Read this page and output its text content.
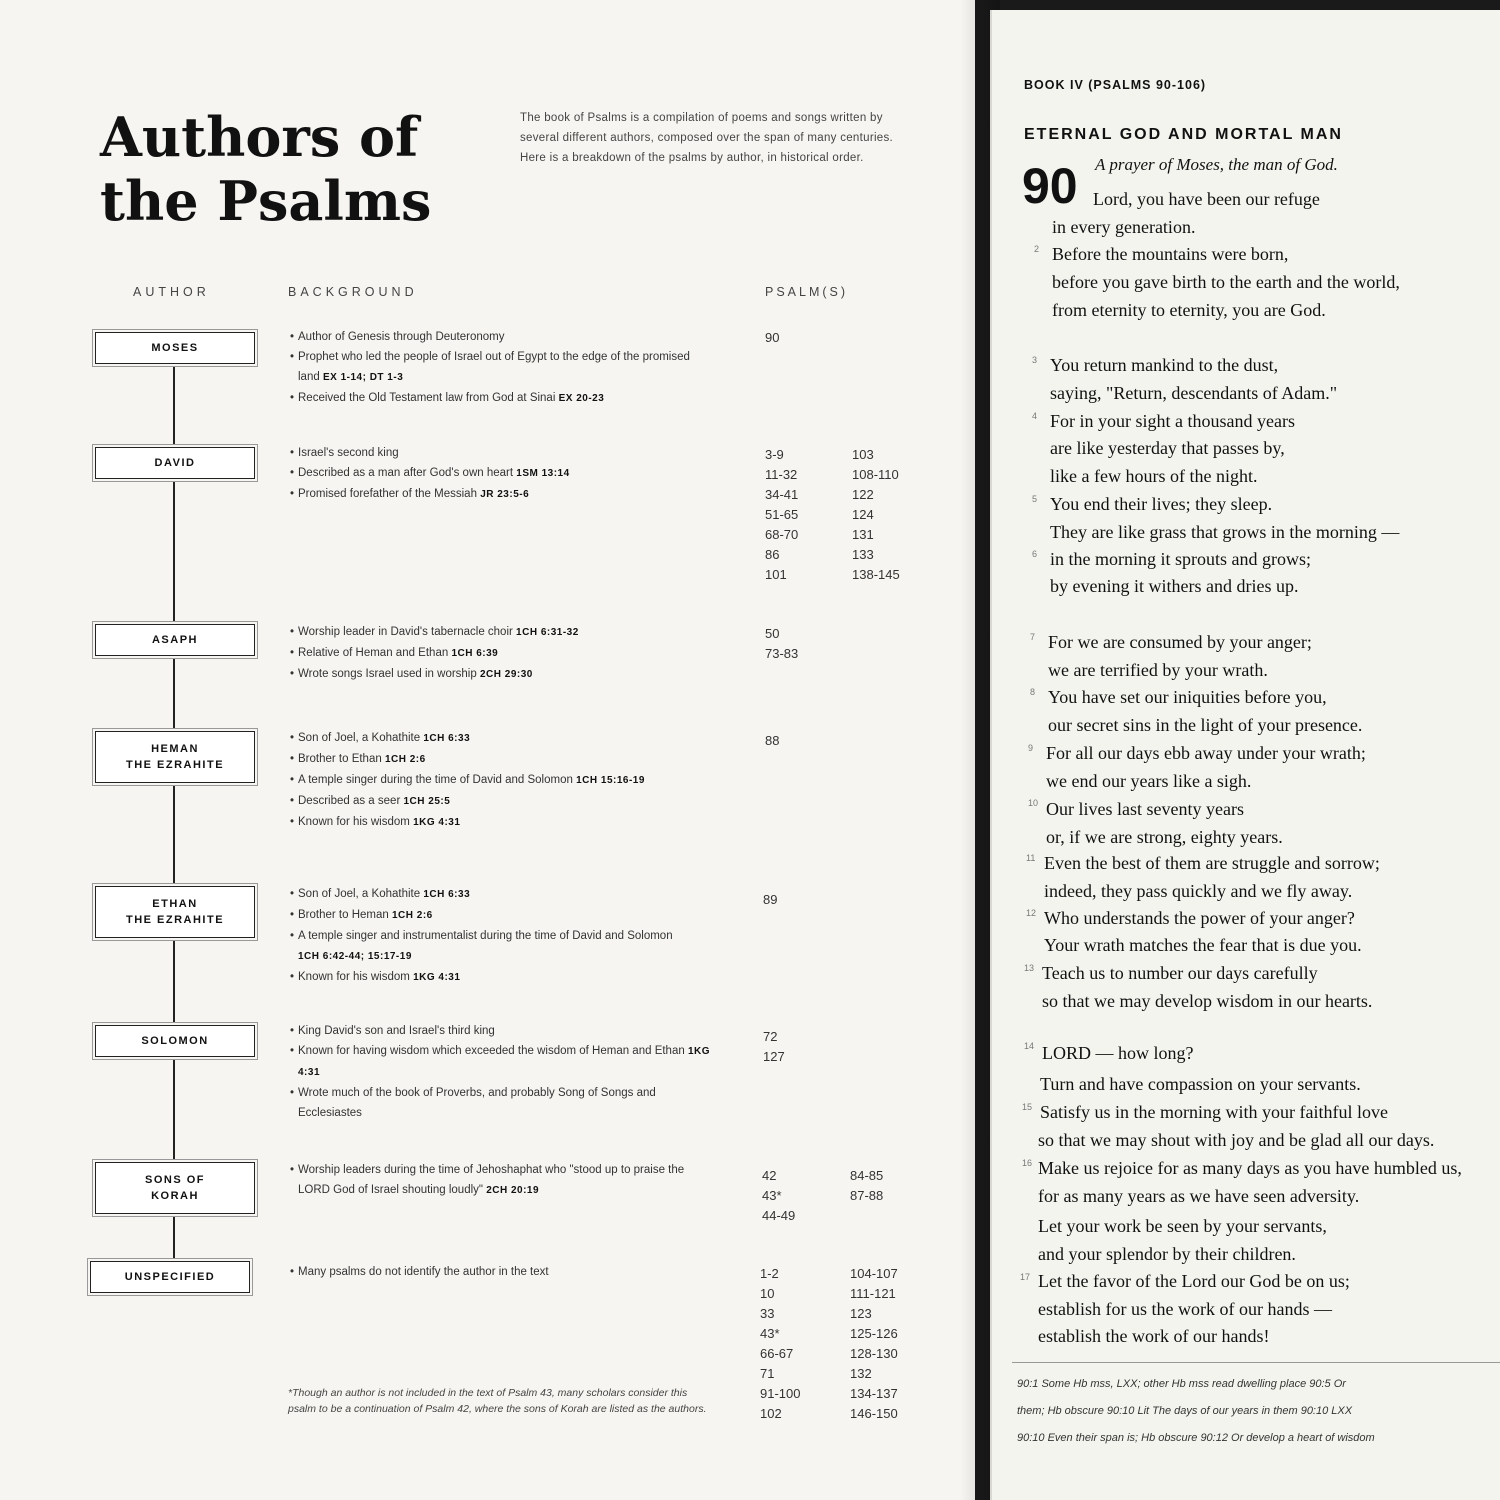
Authors of
the Psalms
The book of Psalms is a compilation of poems and songs written by several different authors, composed over the span of many centuries. Here is a breakdown of the psalms by author, in historical order.
AUTHOR	BACKGROUND	PSALM(S)
MOSES
• Author of Genesis through Deuteronomy
• Prophet who led the people of Israel out of Egypt to the edge of the promised land EX 1-14; DT 1-3
• Received the Old Testament law from God at Sinai EX 20-23
90
DAVID
• Israel's second king
• Described as a man after God's own heart 1SM 13:14
• Promised forefather of the Messiah JR 23:5-6
3-9
11-32
34-41
51-65
68-70
86
101
103
108-110
122
124
131
133
138-145
ASAPH
• Worship leader in David's tabernacle choir 1CH 6:31-32
• Relative of Heman and Ethan 1CH 6:39
• Wrote songs Israel used in worship 2CH 29:30
50
73-83
HEMAN
THE EZRAHITE
• Son of Joel, a Kohathite 1CH 6:33
• Brother to Ethan 1CH 2:6
• A temple singer during the time of David and Solomon 1CH 15:16-19
• Described as a seer 1CH 25:5
• Known for his wisdom 1KG 4:31
88
ETHAN
THE EZRAHITE
• Son of Joel, a Kohathite 1CH 6:33
• Brother to Heman 1CH 2:6
• A temple singer and instrumentalist during the time of David and Solomon 1CH 6:42-44; 15:17-19
• Known for his wisdom 1KG 4:31
89
SOLOMON
• King David's son and Israel's third king
• Known for having wisdom which exceeded the wisdom of Heman and Ethan 1KG 4:31
• Wrote much of the book of Proverbs, and probably Song of Songs and Ecclesiastes
72
127
SONS OF
KORAH
• Worship leaders during the time of Jehoshaphat who "stood up to praise the LORD God of Israel shouting loudly" 2CH 20:19
42
43*
44-49
84-85
87-88
UNSPECIFIED
•	Many psalms do not identify the author in the text	1-2
10
33
43*
66-67
71
91-100
102
104-107
111-121
123
125-126
128-130
132
134-137
146-150
*Though an author is not included in the text of Psalm 43, many scholars consider this psalm to be a continuation of Psalm 42, where the sons of Korah are listed as the authors.
BOOK IV (PSALMS 90-106)
ETERNAL GOD AND MORTAL MAN
90 A prayer of Moses, the man of God.
Lord, you have been our refuge
in every generation.
Before the mountains were born,
before you gave birth to the earth and the world,
from eternity to eternity, you are God.
You return mankind to the dust,
saying, "Return, descendants of Adam."
For in your sight a thousand years
are like yesterday that passes by,
like a few hours of the night.
You end their lives; they sleep.
They are like grass that grows in the morning —
in the morning it sprouts and grows;
by evening it withers and dries up.
For we are consumed by your anger;
we are terrified by your wrath.
You have set our iniquities before you,
our secret sins in the light of your presence.
For all our days ebb away under your wrath;
we end our years like a sigh.
Our lives last seventy years
or, if we are strong, eighty years.
Even the best of them are struggle and sorrow;
indeed, they pass quickly and we fly away.
Who understands the power of your anger?
Your wrath matches the fear that is due you.
Teach us to number our days carefully
so that we may develop wisdom in our hearts.
LORD — how long?
Turn and have compassion on your servants.
Satisfy us in the morning with your faithful love
so that we may shout with joy and be glad all our days.
Make us rejoice for as many days as you have humbled us,
for as many years as we have seen adversity.
Let your work be seen by your servants,
and your splendor by their children.
Let the favor of the Lord our God be on us;
establish for us the work of our hands —
establish the work of our hands!
2
3
4
5
6
7
8
9
10
11
12
13
14
15
16
17
90:1 Some Hb mss, LXX; other Hb mss read dwelling place 90:5 Or
them; Hb obscure 90:10 Lit The days of our years in them 90:10 LXX
90:10 Even their span is; Hb obscure 90:12 Or develop a heart of wisdom
